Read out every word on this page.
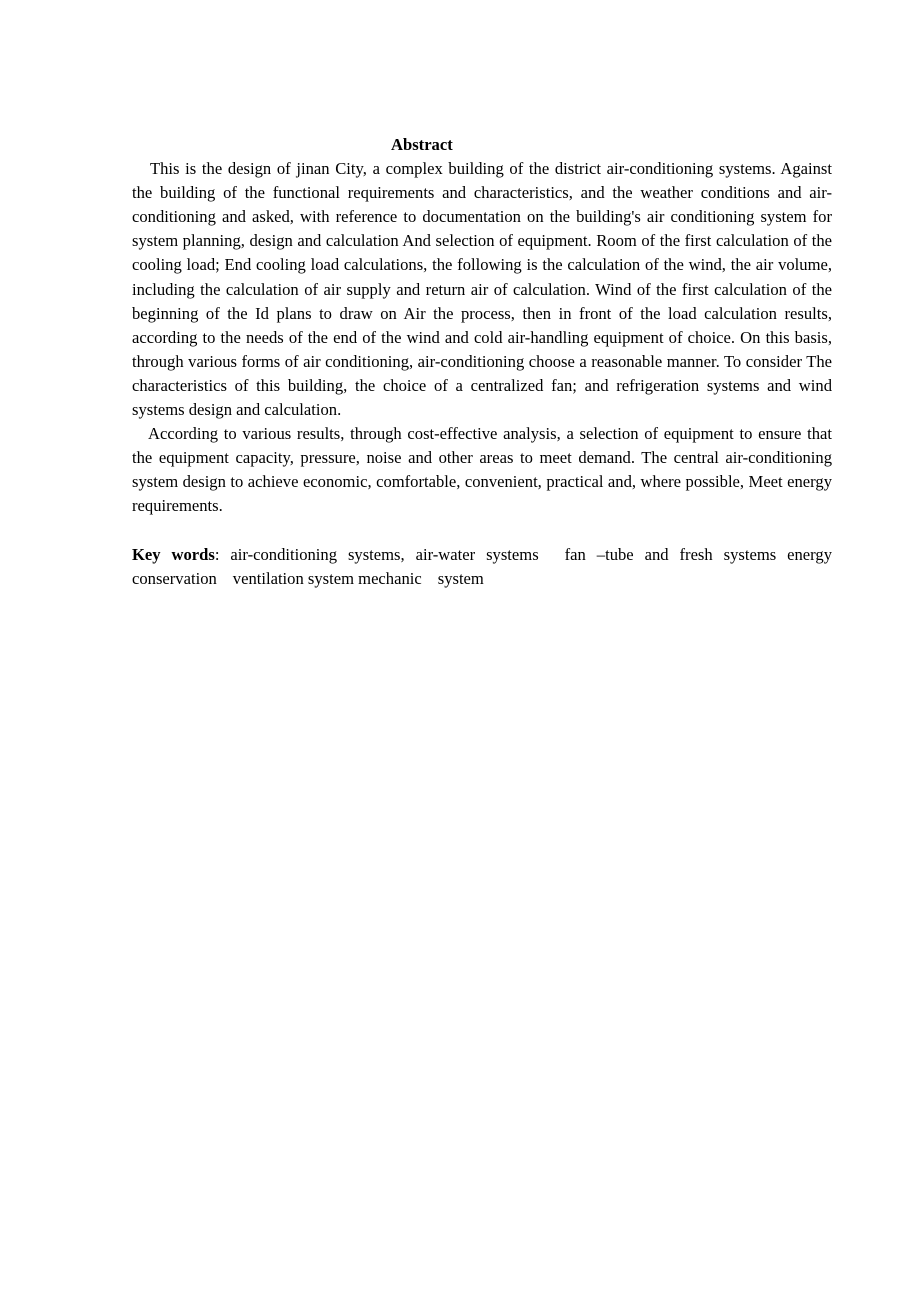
Abstract

This is the design of jinan City, a complex building of the district air-conditioning systems. Against the building of the functional requirements and characteristics, and the weather conditions and air-conditioning and asked, with reference to documentation on the building's air conditioning system for system planning, design and calculation And selection of equipment. Room of the first calculation of the cooling load; End cooling load calculations, the following is the calculation of the wind, the air volume, including the calculation of air supply and return air of calculation. Wind of the first calculation of the beginning of the Id plans to draw on Air the process, then in front of the load calculation results, according to the needs of the end of the wind and cold air-handling equipment of choice. On this basis, through various forms of air conditioning, air-conditioning choose a reasonable manner. To consider The characteristics of this building, the choice of a centralized fan; and refrigeration systems and wind systems design and calculation.

According to various results, through cost-effective analysis, a selection of equipment to ensure that the equipment capacity, pressure, noise and other areas to meet demand. The central air-conditioning system design to achieve economic, comfortable, convenient, practical and, where possible, Meet energy requirements.

Key words: air-conditioning systems, air-water systems fan –tube and fresh systems energy conservation ventilation system mechanic system
